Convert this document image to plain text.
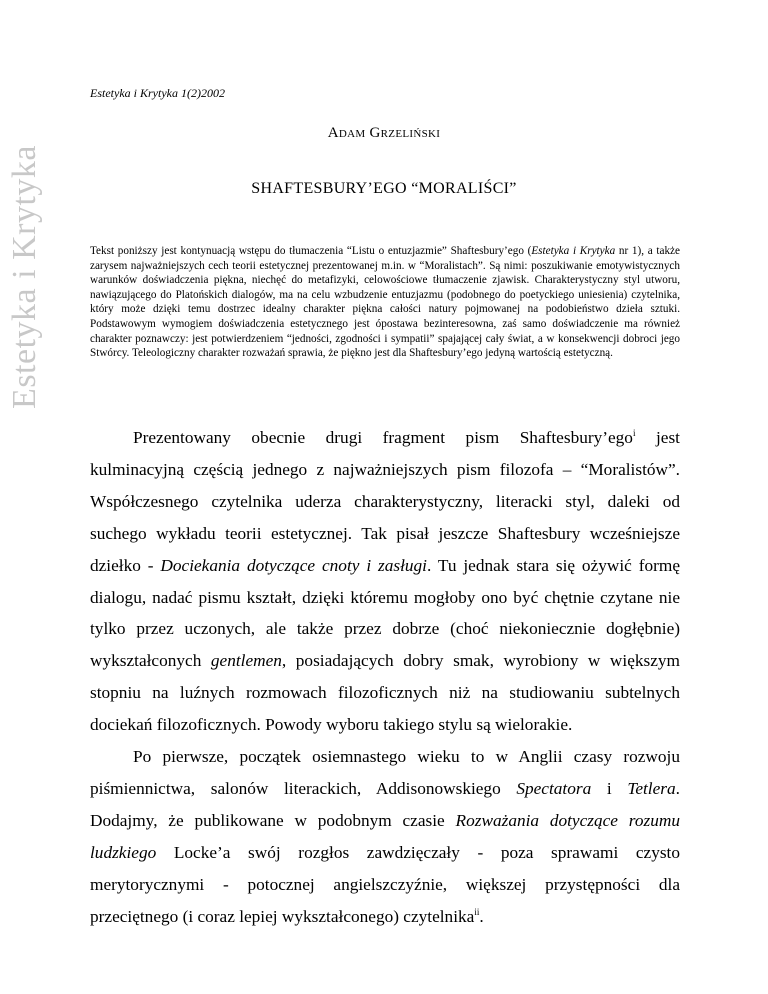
Estetyka i Krytyka
Estetyka i Krytyka 1(2)2002
Adam Grzeliński
SHAFTESBURY’EGO “MORALIŚCI”
Tekst poniższy jest kontynuacją wstępu do tłumaczenia “Listu o entuzjazmie” Shaftesbury’ego (Estetyka i Krytyka nr 1), a także zarysem najważniejszych cech teorii estetycznej prezentowanej m.in. w “Moralistach”. Są nimi: poszukiwanie emotywistycznych warunków doświadczenia piękna, niechęć do metafizyki, celowościowe tłumaczenie zjawisk. Charakterystyczny styl utworu, nawiązującego do Platońskich dialogów, ma na celu wzbudzenie entuzjazmu (podobnego do poetyckiego uniesienia) czytelnika, który może dzięki temu dostrzec idealny charakter piękna całości natury pojmowanej na podobieństwo dzieła sztuki. Podstawowym wymogiem doświadczenia estetycznego jest ópostawa bezinteresowna, zaś samo doświadczenie ma również charakter poznawczy: jest potwierdzeniem “jedności, zgodności i sympatii” spajającej cały świat, a w konsekwencji dobroci jego Stwórcy. Teleologiczny charakter rozważań sprawia, że piękno jest dla Shaftesbury’ego jedyną wartością estetyczną.

Prezentowany obecnie drugi fragment pism Shaftesbury’ego$^i$ jest kulminacyjną częścią jednego z najważniejszych pism filozofa – “Moralistów”. Współczesnego czytelnika uderza charakterystyczny, literacki styl, daleki od suchego wykładu teorii estetycznej. Tak pisał jeszcze Shaftesbury wcześniejsze dziełko - Dociekania dotyczące cnoty i zasługi. Tu jednak stara się ożywić formę dialogu, nadać pismu kształt, dzięki któremu mogłoby ono być chętnie czytane nie tylko przez uczonych, ale także przez dobrze (choć niekoniecznie dogłębnie) wykształconych gentlemen, posiadających dobry smak, wyrobiony w większym stopniu na luźnych rozmowach filozoficznych niż na studiowaniu subtelnych dociekań filozoficznych. Powody wyboru takiego stylu są wielorakie.

Po pierwsze, początek osiemnastego wieku to w Anglii czasy rozwoju piśmiennictwa, salonów literackich, Addisonowskiego Spectatora i Tetlera. Dodajmy, że publikowane w podobnym czasie Rozważania dotyczące rozumu ludzkiego Locke’a swój rozgłos zawdzięczały - poza sprawami czysto merytorycznymi - potocznej angielszczyźnie, większej przystępności dla przeciętnego (i coraz lepiej wykształconego) czytelnika$^{ii}$.
